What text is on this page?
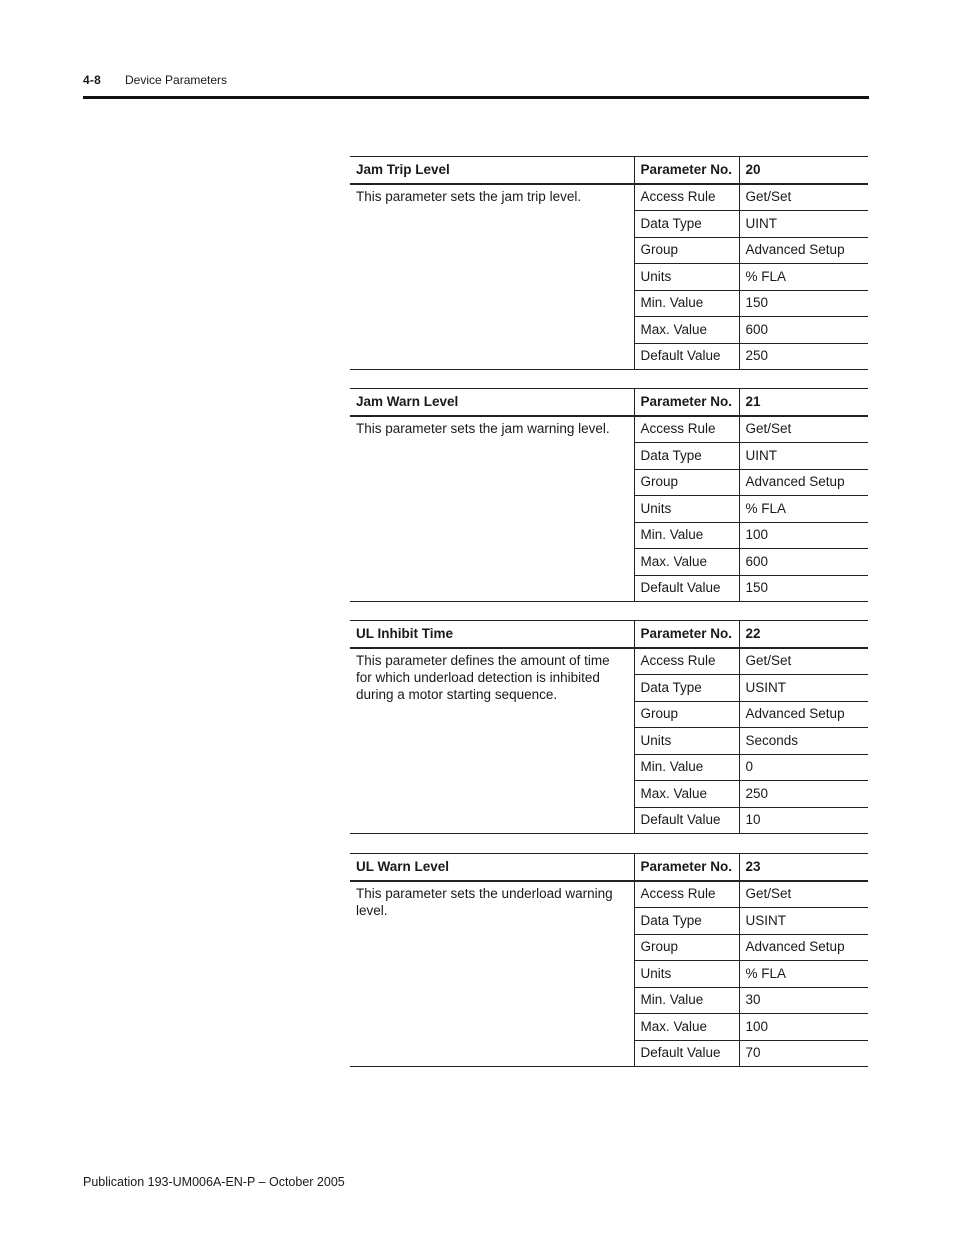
4-8 Device Parameters
Jam Trip Level	Parameter No.	20
This parameter sets the jam trip level.	Access Rule	Get/Set
	Data Type	UINT
	Group	Advanced Setup
	Units	% FLA
	Min. Value	150
	Max. Value	600
	Default Value	250
Jam Warn Level	Parameter No.	21
This parameter sets the jam warning level.	Access Rule	Get/Set
	Data Type	UINT
	Group	Advanced Setup
	Units	% FLA
	Min. Value	100
	Max. Value	600
	Default Value	150
UL Inhibit Time	Parameter No.	22
This parameter defines the amount of time for which underload detection is inhibited during a motor starting sequence.	Access Rule	Get/Set
	Data Type	USINT
	Group	Advanced Setup
	Units	Seconds
	Min. Value	0
	Max. Value	250
	Default Value	10
UL Warn Level	Parameter No.	23
This parameter sets the underload warning level.	Access Rule	Get/Set
	Data Type	USINT
	Group	Advanced Setup
	Units	% FLA
	Min. Value	30
	Max. Value	100
	Default Value	70
Publication 193-UM006A-EN-P – October 2005
